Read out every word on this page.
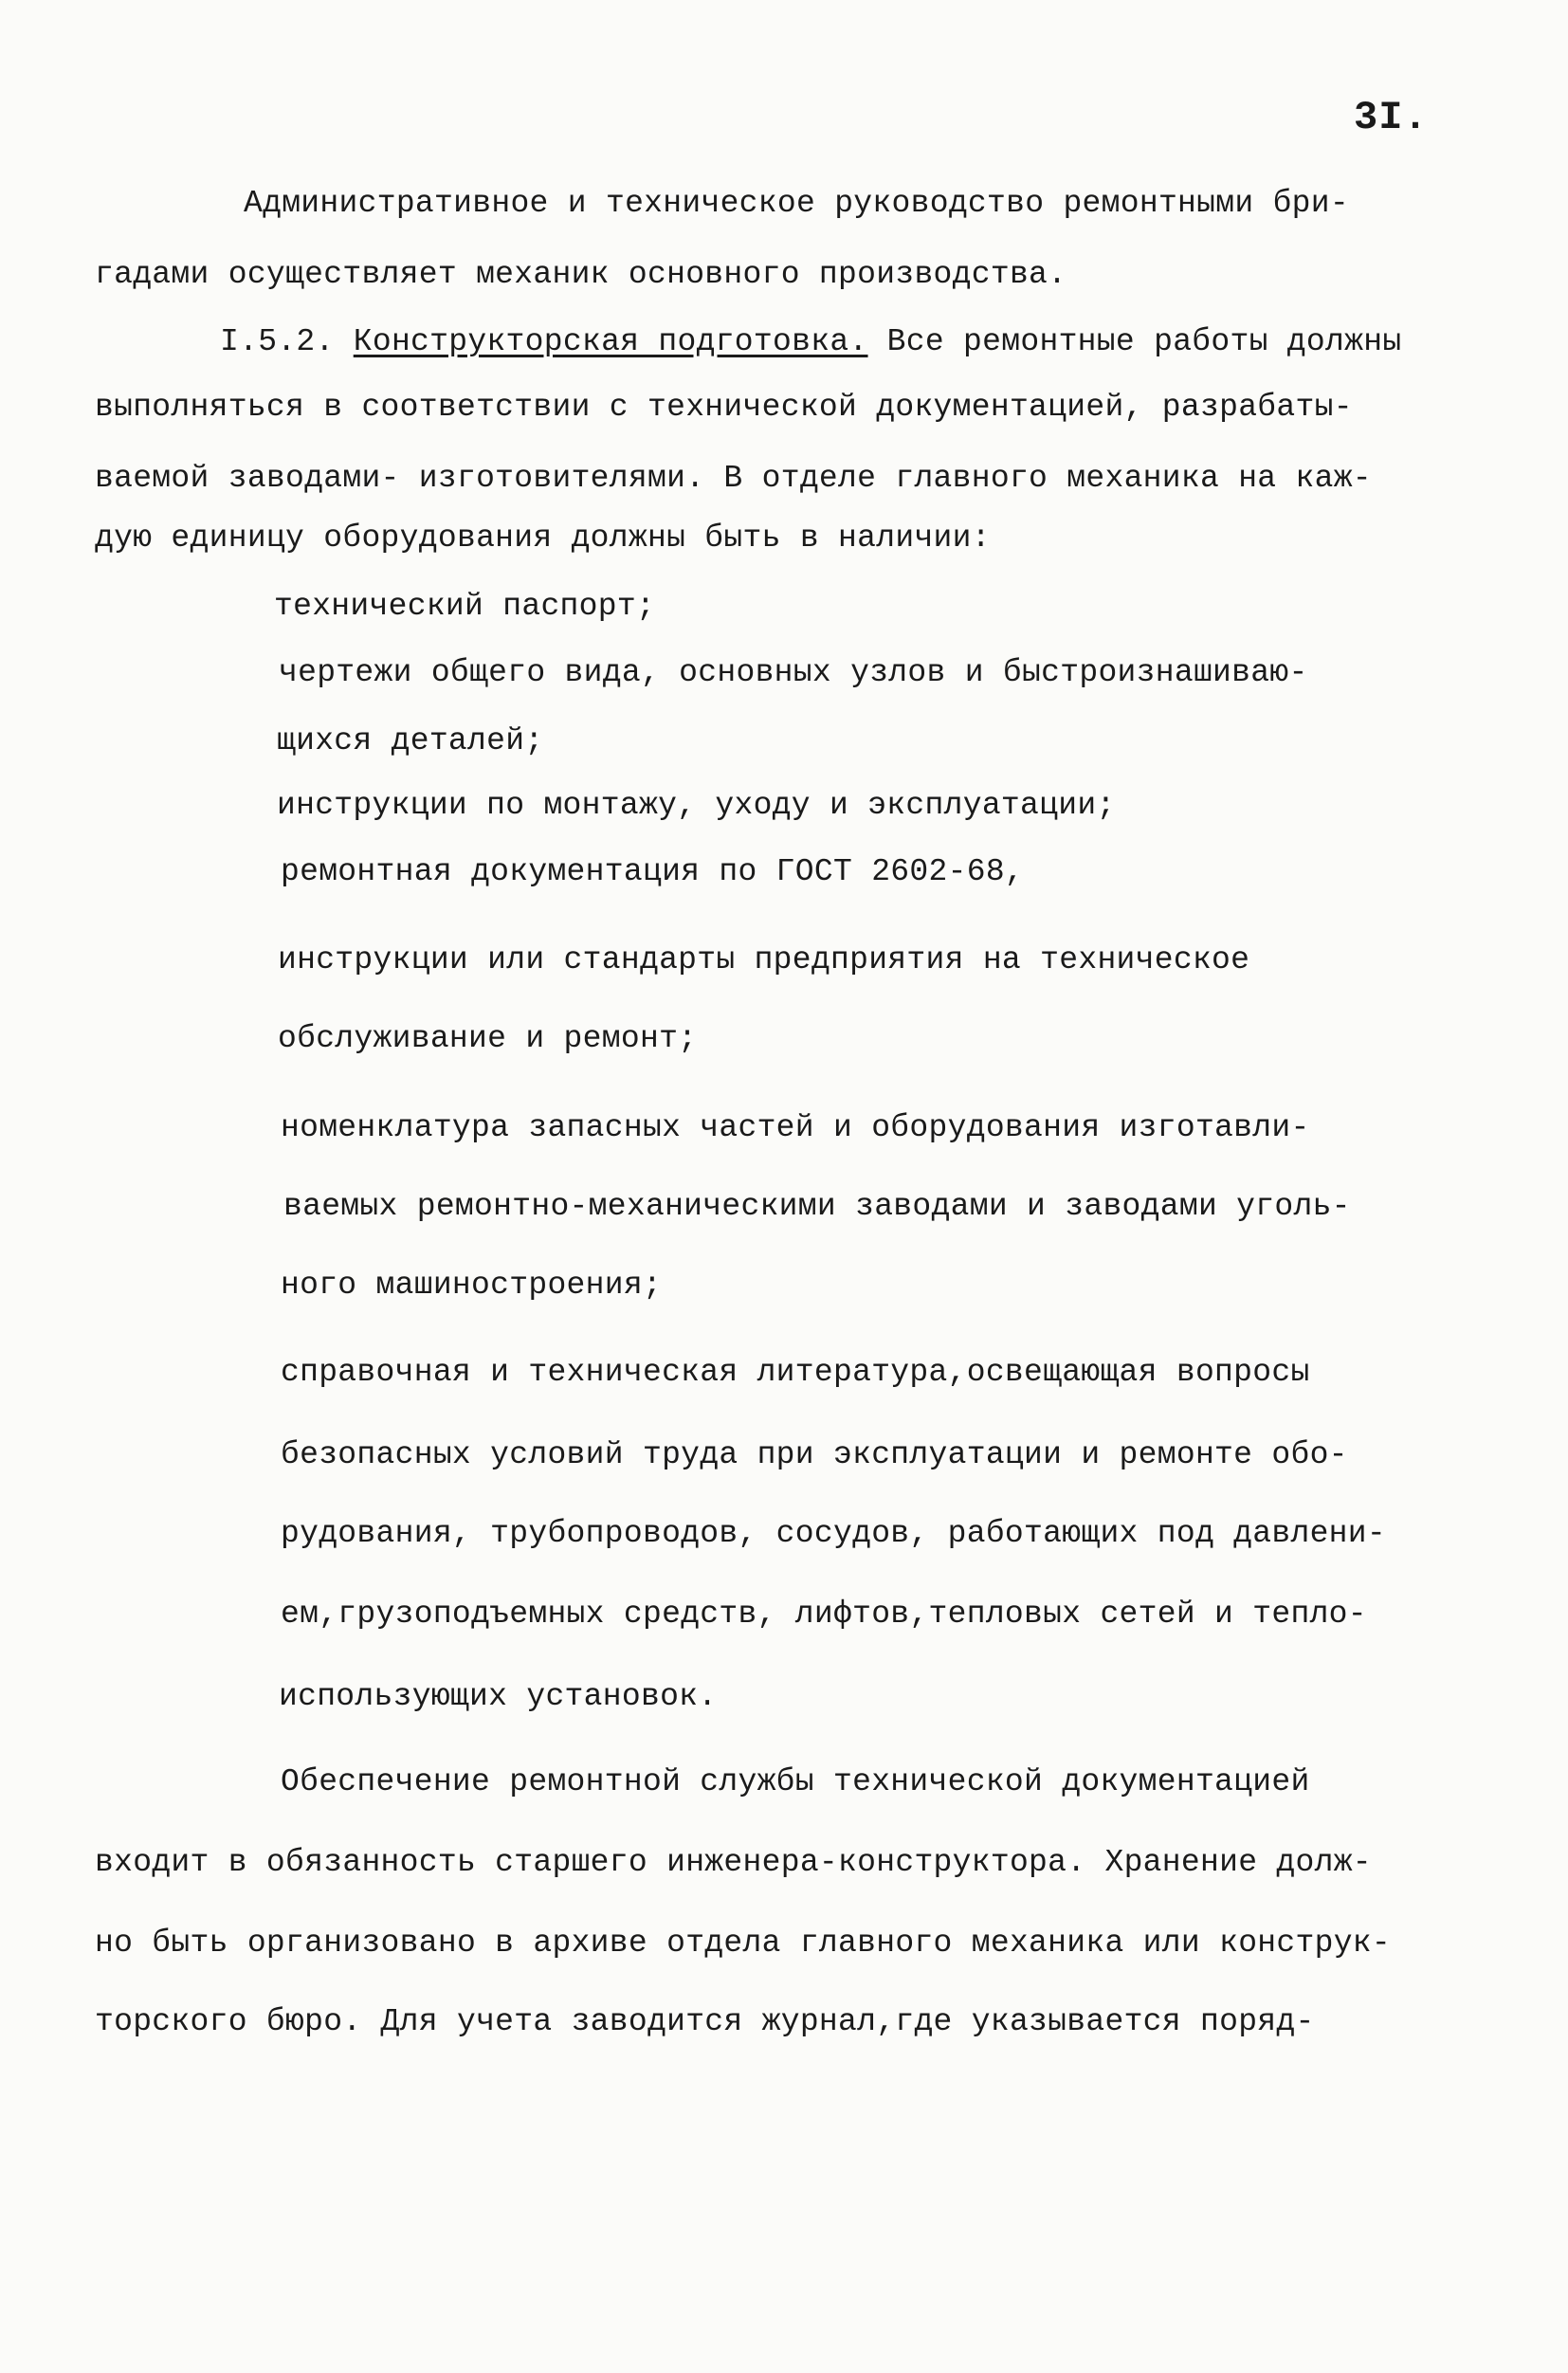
3I.
Административное и техническое руководство ремонтными бри-
гадами осуществляет механик основного производства.
I.5.2. Конструкторская подготовка. Все ремонтные работы должны
выполняться в соответствии с технической документацией, разрабаты-
ваемой заводами- изготовителями. В отделе главного механика на каж-
дую единицу оборудования должны быть в наличии:
технический паспорт;
чертежи общего вида, основных узлов и быстроизнашиваю-
щихся деталей;
инструкции по монтажу, уходу и эксплуатации;
ремонтная документация по ГОСТ 2602-68,
инструкции или стандарты предприятия на техническое
обслуживание и ремонт;
номенклатура запасных частей и оборудования изготавли-
ваемых ремонтно-механическими заводами и заводами уголь-
ного машиностроения;
справочная и техническая литература,освещающая вопросы
безопасных условий труда при эксплуатации и ремонте обо-
рудования, трубопроводов, сосудов, работающих под давлени-
ем,грузоподъемных средств, лифтов,тепловых сетей и тепло-
использующих установок.
Обеспечение ремонтной службы технической документацией
входит в обязанность старшего инженера-конструктора. Хранение долж-
но быть организовано в архиве отдела главного механика или конструк-
торского бюро. Для учета заводится журнал,где указывается поряд-
